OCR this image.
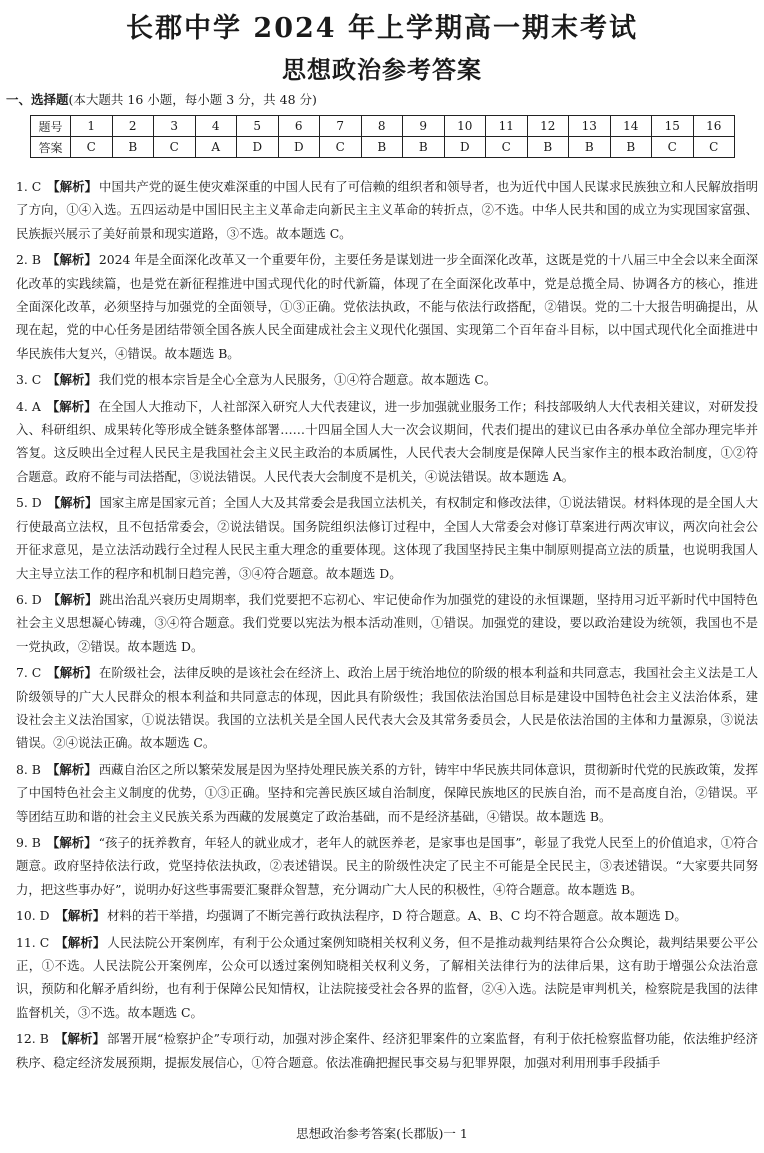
长郡中学 2024 年上学期高一期末考试
思想政治参考答案
一、选择题(本大题共 16 小题，每小题 3 分，共 48 分)
题号	1	2	3	4	5	6	7	8	9	10	11	12	13	14	15	16
答案	C	B	C	A	D	D	C	B	B	D	C	B	B	B	C	C

1. C 【解析】 中国共产党的诞生使灾难深重的中国人民有了可信赖的组织者和领导者，也为近代中国人民谋求民族独立和人民解放指明了方向，①④入选。五四运动是中国旧民主主义革命走向新民主主义革命的转折点，②不选。中华人民共和国的成立为实现国家富强、民族振兴展示了美好前景和现实道路，③不选。故本题选 C。

2. B 【解析】 2024 年是全面深化改革又一个重要年份，主要任务是谋划进一步全面深化改革，这既是党的十八届三中全会以来全面深化改革的实践续篇，也是党在新征程推进中国式现代化的时代新篇，体现了在全面深化改革中，党是总揽全局、协调各方的核心，推进全面深化改革，必须坚持与加强党的全面领导，①③正确。党依法执政，不能与依法行政搭配，②错误。党的二十大报告明确提出，从现在起，党的中心任务是团结带领全国各族人民全面建成社会主义现代化强国、实现第二个百年奋斗目标，以中国式现代化全面推进中华民族伟大复兴，④错误。故本题选 B。

3. C 【解析】 我们党的根本宗旨是全心全意为人民服务，①④符合题意。故本题选 C。

4. A 【解析】 在全国人大推动下，人社部深入研究人大代表建议，进一步加强就业服务工作；科技部吸纳人大代表相关建议，对研发投入、科研组织、成果转化等形成全链条整体部署……十四届全国人大一次会议期间，代表们提出的建议已由各承办单位全部办理完毕并答复。这反映出全过程人民民主是我国社会主义民主政治的本质属性，人民代表大会制度是保障人民当家作主的根本政治制度，①②符合题意。政府不能与司法搭配，③说法错误。人民代表大会制度不是机关，④说法错误。故本题选 A。

5. D 【解析】 国家主席是国家元首；全国人大及其常委会是我国立法机关，有权制定和修改法律，①说法错误。材料体现的是全国人大行使最高立法权，且不包括常委会，②说法错误。国务院组织法修订过程中，全国人大常委会对修订草案进行两次审议，两次向社会公开征求意见，是立法活动践行全过程人民民主重大理念的重要体现。这体现了我国坚持民主集中制原则提高立法的质量，也说明我国人大主导立法工作的程序和机制日趋完善，③④符合题意。故本题选 D。

6. D 【解析】 跳出治乱兴衰历史周期率，我们党要把不忘初心、牢记使命作为加强党的建设的永恒课题，坚持用习近平新时代中国特色社会主义思想凝心铸魂，③④符合题意。我们党要以宪法为根本活动准则，①错误。加强党的建设，要以政治建设为统领，我国也不是一党执政，②错误。故本题选 D。

7. C 【解析】 在阶级社会，法律反映的是该社会在经济上、政治上居于统治地位的阶级的根本利益和共同意志，我国社会主义法是工人阶级领导的广大人民群众的根本利益和共同意志的体现，因此具有阶级性；我国依法治国总目标是建设中国特色社会主义法治体系，建设社会主义法治国家，①说法错误。我国的立法机关是全国人民代表大会及其常务委员会，人民是依法治国的主体和力量源泉，③说法错误。②④说法正确。故本题选 C。

8. B 【解析】 西藏自治区之所以繁荣发展是因为坚持处理民族关系的方针，铸牢中华民族共同体意识，贯彻新时代党的民族政策，发挥了中国特色社会主义制度的优势，①③正确。坚持和完善民族区域自治制度，保障民族地区的民族自治，而不是高度自治，②错误。平等团结互助和谐的社会主义民族关系为西藏的发展奠定了政治基础，而不是经济基础，④错误。故本题选 B。

9. B 【解析】 “孩子的抚养教育，年轻人的就业成才，老年人的就医养老，是家事也是国事”，彰显了我党人民至上的价值追求，①符合题意。政府坚持依法行政，党坚持依法执政，②表述错误。民主的阶级性决定了民主不可能是全民民主，③表述错误。“大家要共同努力，把这些事办好”，说明办好这些事需要汇聚群众智慧，充分调动广大人民的积极性，④符合题意。故本题选 B。

10. D 【解析】 材料的若干举措，均强调了不断完善行政执法程序，D 符合题意。A、B、C 均不符合题意。故本题选 D。

11. C 【解析】 人民法院公开案例库，有利于公众通过案例知晓相关权利义务，但不是推动裁判结果符合公众舆论，裁判结果要公平公正，①不选。人民法院公开案例库，公众可以透过案例知晓相关权利义务，了解相关法律行为的法律后果，这有助于增强公众法治意识，预防和化解矛盾纠纷，也有利于保障公民知情权，让法院接受社会各界的监督，②④入选。法院是审判机关，检察院是我国的法律监督机关，③不选。故本题选 C。

12. B 【解析】 部署开展“检察护企”专项行动，加强对涉企案件、经济犯罪案件的立案监督，有利于依托检察监督功能，依法维护经济秩序、稳定经济发展预期，提振发展信心，①符合题意。依法准确把握民事交易与犯罪界限，加强对利用刑事手段插手

思想政治参考答案(长郡版)一 1
